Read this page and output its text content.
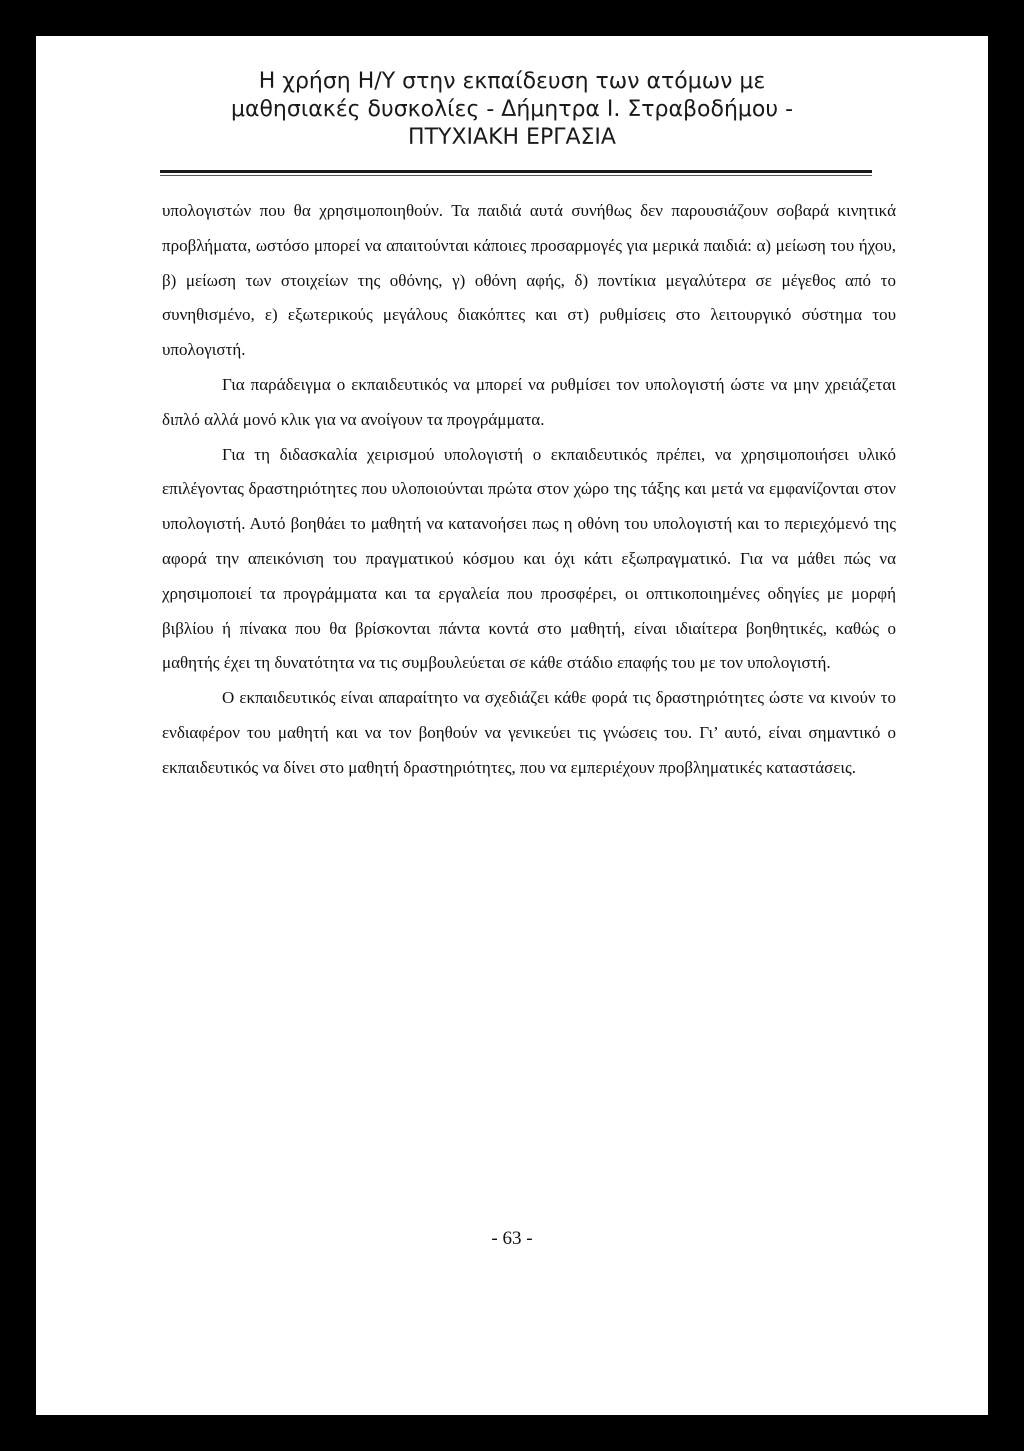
Η χρήση Η/Υ στην εκπαίδευση των ατόμων με
μαθησιακές δυσκολίες - Δήμητρα Ι. Στραβοδήμου -
ΠΤΥΧΙΑΚΗ ΕΡΓΑΣΙΑ

υπολογιστών που θα χρησιμοποιηθούν. Τα παιδιά αυτά συνήθως δεν παρουσιάζουν σοβαρά κινητικά προβλήματα, ωστόσο μπορεί να απαιτούνται κάποιες προσαρμογές για μερικά παιδιά: α) μείωση του ήχου, β) μείωση των στοιχείων της οθόνης, γ) οθόνη αφής, δ) ποντίκια μεγαλύτερα σε μέγεθος από το συνηθισμένο, ε) εξωτερικούς μεγάλους διακόπτες και στ) ρυθμίσεις στο λειτουργικό σύστημα του υπολογιστή.

Για παράδειγμα ο εκπαιδευτικός να μπορεί να ρυθμίσει τον υπολογιστή ώστε να μην χρειάζεται διπλό αλλά μονό κλικ για να ανοίγουν τα προγράμματα.

Για τη διδασκαλία χειρισμού υπολογιστή ο εκπαιδευτικός πρέπει, να χρησιμοποιήσει υλικό επιλέγοντας δραστηριότητες που υλοποιούνται πρώτα στον χώρο της τάξης και μετά να εμφανίζονται στον υπολογιστή. Αυτό βοηθάει το μαθητή να κατανοήσει πως η οθόνη του υπολογιστή και το περιεχόμενό της αφορά την απεικόνιση του πραγματικού κόσμου και όχι κάτι εξωπραγματικό. Για να μάθει πώς να χρησιμοποιεί τα προγράμματα και τα εργαλεία που προσφέρει, οι οπτικοποιημένες οδηγίες με μορφή βιβλίου ή πίνακα που θα βρίσκονται πάντα κοντά στο μαθητή, είναι ιδιαίτερα βοηθητικές, καθώς ο μαθητής έχει τη δυνατότητα να τις συμβουλεύεται σε κάθε στάδιο επαφής του με τον υπολογιστή.

Ο εκπαιδευτικός είναι απαραίτητο να σχεδιάζει κάθε φορά τις δραστηριότητες ώστε να κινούν το ενδιαφέρον του μαθητή και να τον βοηθούν να γενικεύει τις γνώσεις του. Γι’ αυτό, είναι σημαντικό ο εκπαιδευτικός να δίνει στο μαθητή δραστηριότητες, που να εμπεριέχουν προβληματικές καταστάσεις.

- 63 -
